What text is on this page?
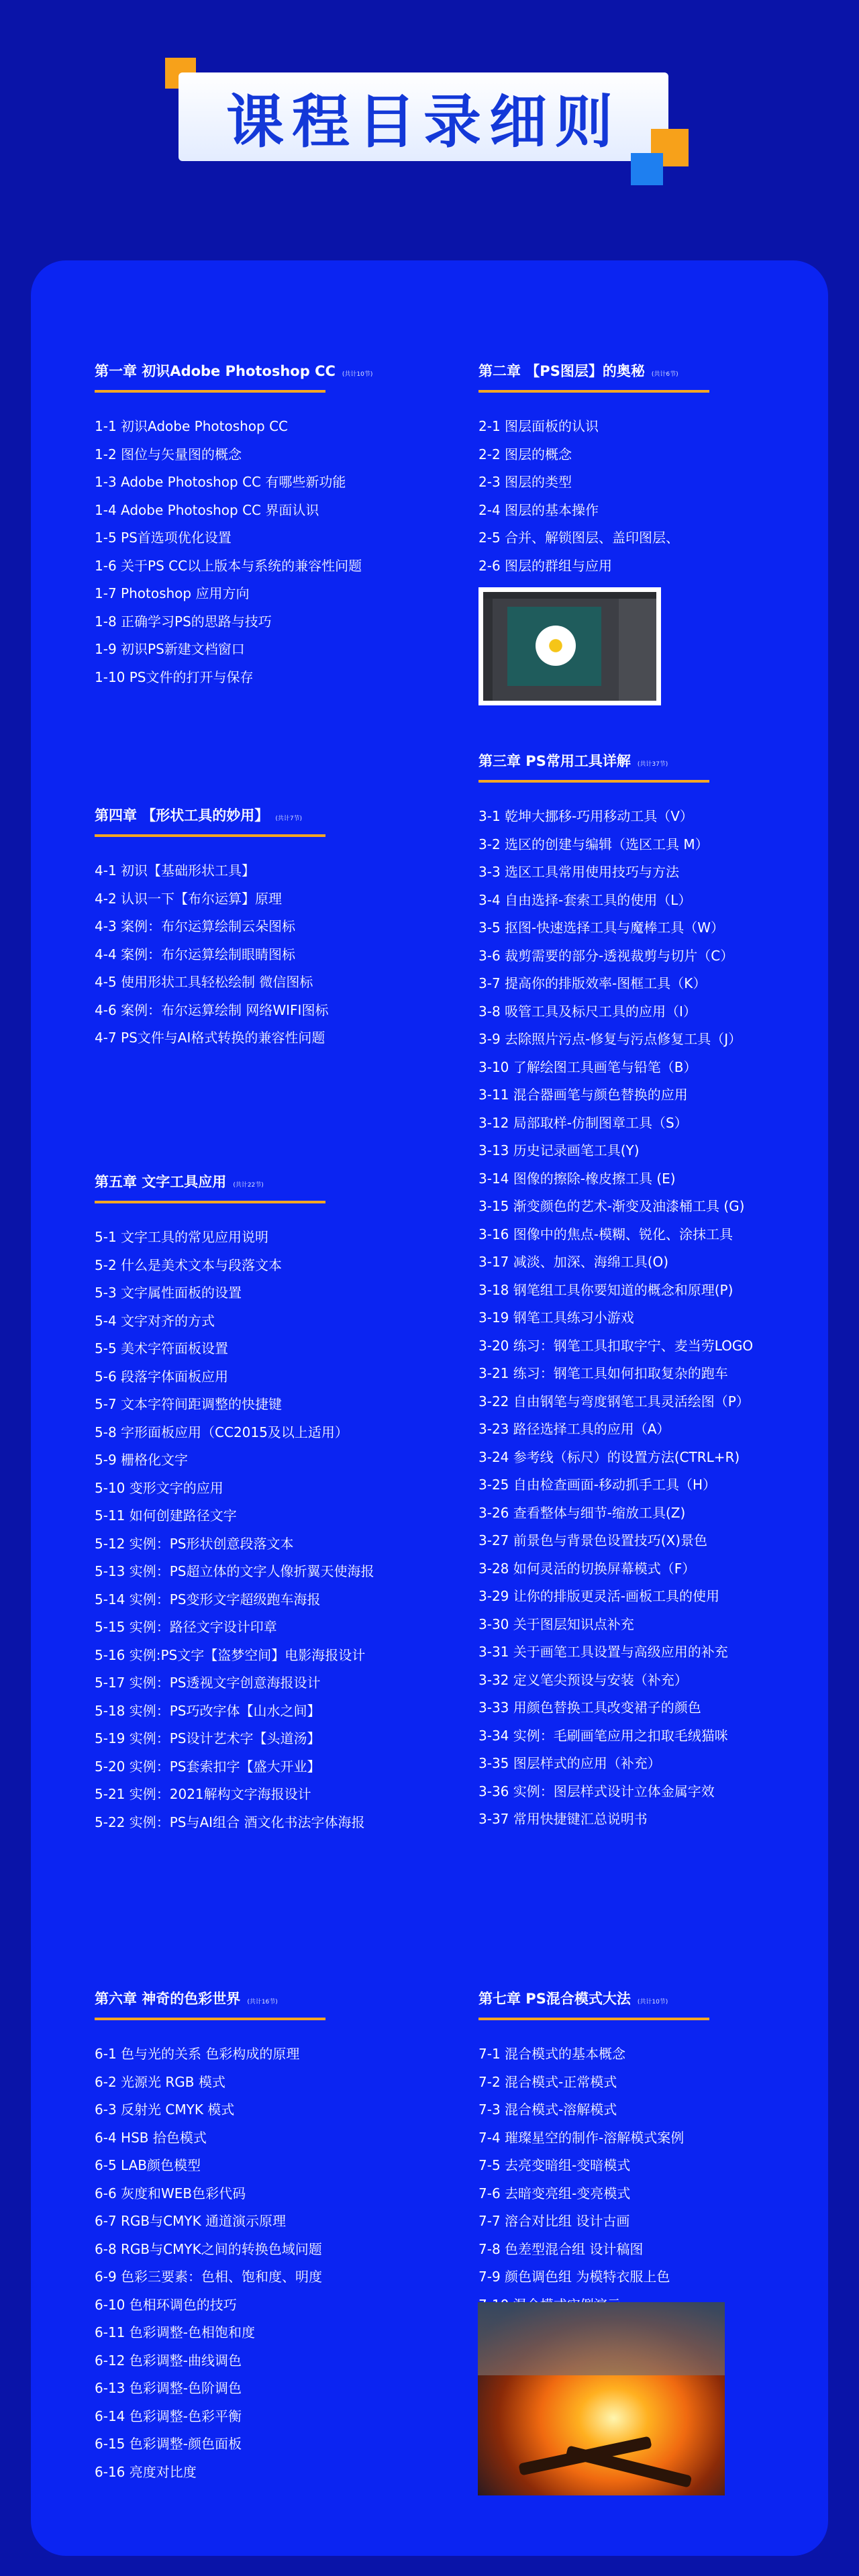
课程目录细则
第一章 初识Adobe Photoshop CC (共计10节)
1-1 初识Adobe Photoshop CC
1-2 图位与矢量图的概念
1-3 Adobe Photoshop CC 有哪些新功能
1-4 Adobe Photoshop CC 界面认识
1-5 PS首选项优化设置
1-6 关于PS CC以上版本与系统的兼容性问题
1-7 Photoshop 应用方向
1-8 正确学习PS的思路与技巧
1-9 初识PS新建文档窗口
1-10 PS文件的打开与保存
第二章 【PS图层】的奥秘 (共计6节)
2-1 图层面板的认识
2-2 图层的概念
2-3 图层的类型
2-4 图层的基本操作
2-5 合并、解锁图层、盖印图层、
2-6 图层的群组与应用
第三章 PS常用工具详解 (共计37节)
3-1 乾坤大挪移-巧用移动工具（V）
3-2 选区的创建与编辑（选区工具 M）
3-3 选区工具常用使用技巧与方法
3-4 自由选择-套索工具的使用（L）
3-5 抠图-快速选择工具与魔棒工具（W）
3-6 裁剪需要的部分-透视裁剪与切片（C）
3-7 提高你的排版效率-图框工具（K）
3-8 吸管工具及标尺工具的应用（I）
3-9 去除照片污点-修复与污点修复工具（J）
3-10 了解绘图工具画笔与铅笔（B）
3-11 混合器画笔与颜色替换的应用
3-12 局部取样-仿制图章工具（S）
3-13 历史记录画笔工具(Y)
3-14 图像的擦除-橡皮擦工具 (E)
3-15 渐变颜色的艺术-渐变及油漆桶工具 (G)
3-16 图像中的焦点-模糊、锐化、涂抹工具
3-17 减淡、加深、海绵工具(O)
3-18 钢笔组工具你要知道的概念和原理(P)
3-19 钢笔工具练习小游戏
3-20 练习：钢笔工具扣取字宁、麦当劳LOGO
3-21 练习：钢笔工具如何扣取复杂的跑车
3-22 自由钢笔与弯度钢笔工具灵活绘图（P）
3-23 路径选择工具的应用（A）
3-24 参考线（标尺）的设置方法(CTRL+R)
3-25 自由检查画面-移动抓手工具（H）
3-26 查看整体与细节-缩放工具(Z)
3-27 前景色与背景色设置技巧(X)景色
3-28 如何灵活的切换屏幕模式（F）
3-29 让你的排版更灵活-画板工具的使用
3-30 关于图层知识点补充
3-31 关于画笔工具设置与高级应用的补充
3-32 定义笔尖预设与安装（补充）
3-33 用颜色替换工具改变裙子的颜色
3-34 实例：毛刷画笔应用之扣取毛绒猫咪
3-35 图层样式的应用（补充）
3-36 实例：图层样式设计立体金属字效
3-37 常用快捷键汇总说明书
第四章 【形状工具的妙用】 (共计7节)
4-1 初识【基础形状工具】
4-2 认识一下【布尔运算】原理
4-3 案例：布尔运算绘制云朵图标
4-4 案例：布尔运算绘制眼睛图标
4-5 使用形状工具轻松绘制 微信图标
4-6 案例：布尔运算绘制 网络WIFI图标
4-7 PS文件与AI格式转换的兼容性问题
第五章 文字工具应用 (共计22节)
5-1 文字工具的常见应用说明
5-2 什么是美术文本与段落文本
5-3 文字属性面板的设置
5-4 文字对齐的方式
5-5 美术字符面板设置
5-6 段落字体面板应用
5-7 文本字符间距调整的快捷键
5-8 字形面板应用（CC2015及以上适用）
5-9 栅格化文字
5-10 变形文字的应用
5-11 如何创建路径文字
5-12 实例：PS形状创意段落文本
5-13 实例：PS超立体的文字人像折翼天使海报
5-14 实例：PS变形文字超级跑车海报
5-15 实例：路径文字设计印章
5-16 实例:PS文字【盗梦空间】电影海报设计
5-17 实例：PS透视文字创意海报设计
5-18 实例：PS巧改字体【山水之间】
5-19 实例：PS设计艺术字【头道汤】
5-20 实例：PS套索扣字【盛大开业】
5-21 实例：2021解构文字海报设计
5-22 实例：PS与AI组合 酒文化书法字体海报
第六章 神奇的色彩世界 (共计16节)
6-1 色与光的关系 色彩构成的原理
6-2 光源光 RGB 模式
6-3 反射光 CMYK 模式
6-4 HSB 拾色模式
6-5 LAB颜色模型
6-6 灰度和WEB色彩代码
6-7 RGB与CMYK 通道演示原理
6-8 RGB与CMYK之间的转换色域问题
6-9 色彩三要素：色相、饱和度、明度
6-10 色相环调色的技巧
6-11 色彩调整-色相饱和度
6-12 色彩调整-曲线调色
6-13 色彩调整-色阶调色
6-14 色彩调整-色彩平衡
6-15 色彩调整-颜色面板
6-16 亮度对比度
第七章 PS混合模式大法 (共计10节)
7-1 混合模式的基本概念
7-2 混合模式-正常模式
7-3 混合模式-溶解模式
7-4 璀璨星空的制作-溶解模式案例
7-5 去亮变暗组-变暗模式
7-6 去暗变亮组-变亮模式
7-7 溶合对比组 设计古画
7-8 色差型混合组 设计稿图
7-9 颜色调色组 为模特衣服上色
